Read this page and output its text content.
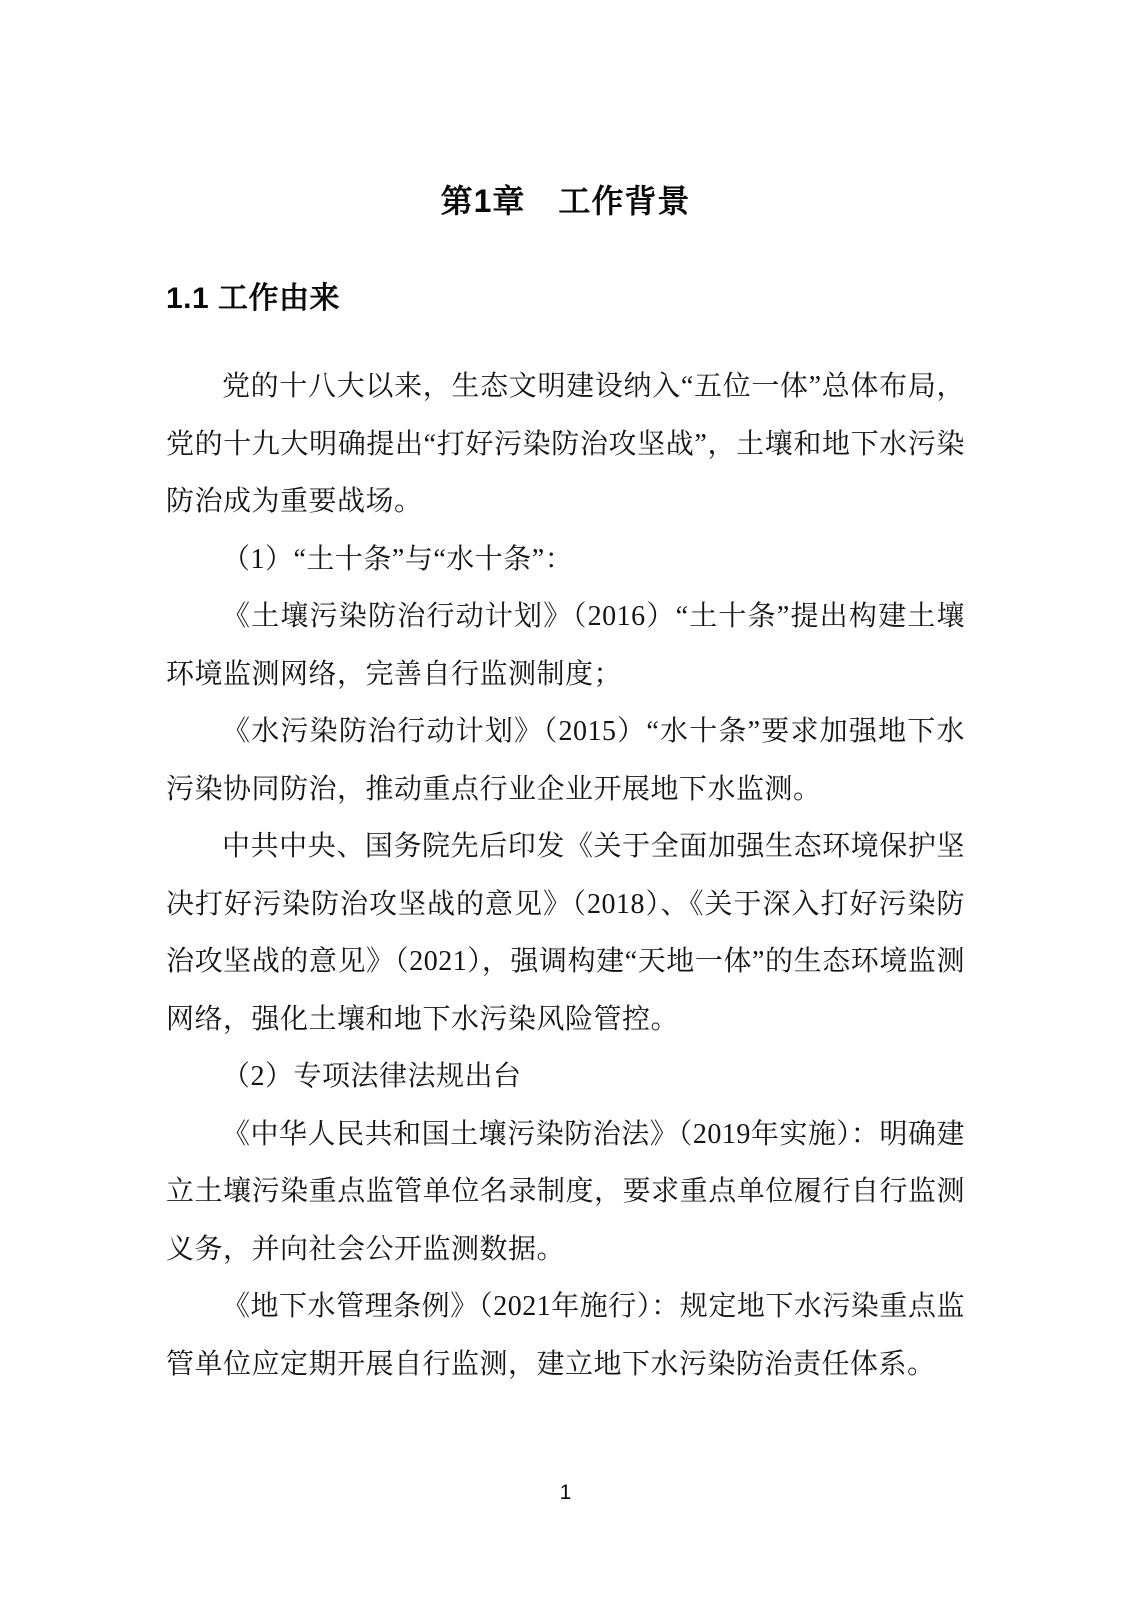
第1章　工作背景
1.1 工作由来

党的十八大以来，生态文明建设纳入“五位一体”总体布局，党的十九大明确提出“打好污染防治攻坚战”，土壤和地下水污染防治成为重要战场。

（1）“土十条”与“水十条”：

《土壤污染防治行动计划》（2016）“土十条”提出构建土壤环境监测网络，完善自行监测制度；

《水污染防治行动计划》（2015）“水十条”要求加强地下水污染协同防治，推动重点行业企业开展地下水监测。

中共中央、国务院先后印发《关于全面加强生态环境保护坚决打好污染防治攻坚战的意见》（2018）、《关于深入打好污染防治攻坚战的意见》（2021），强调构建“天地一体”的生态环境监测网络，强化土壤和地下水污染风险管控。

（2）专项法律法规出台

《中华人民共和国土壤污染防治法》（2019年实施）：明确建立土壤污染重点监管单位名录制度，要求重点单位履行自行监测义务，并向社会公开监测数据。

《地下水管理条例》（2021年施行）：规定地下水污染重点监管单位应定期开展自行监测，建立地下水污染防治责任体系。

1
